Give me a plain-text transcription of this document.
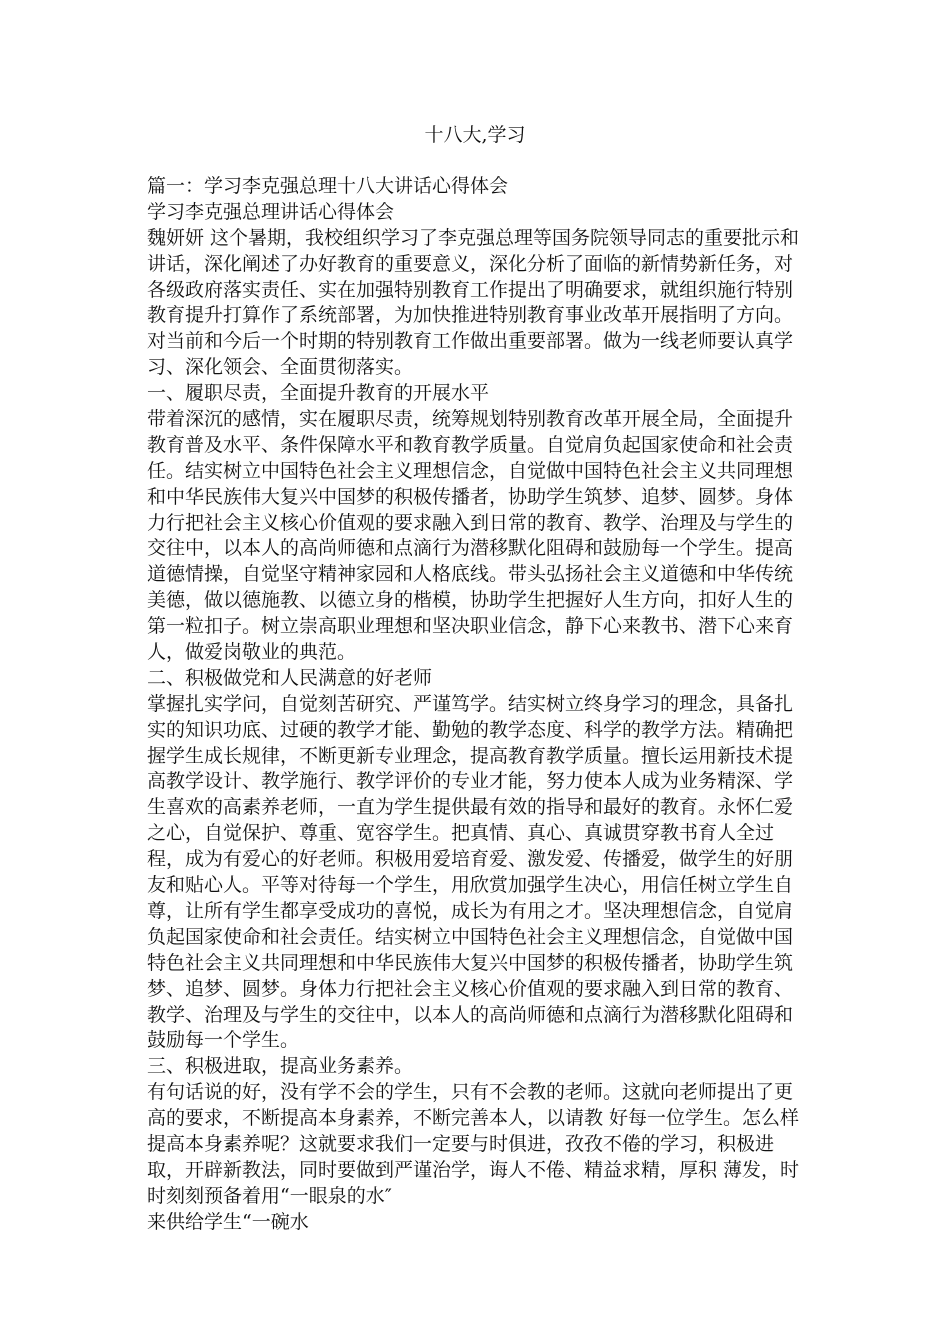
十八大,学习
篇一：学习李克强总理十八大讲话心得体会
学习李克强总理讲话心得体会
魏妍妍 这个暑期，我校组织学习了李克强总理等国务院领导同志的重要批示和
讲话，深化阐述了办好教育的重要意义，深化分析了面临的新情势新任务，对
各级政府落实责任、实在加强特别教育工作提出了明确要求，就组织施行特别
教育提升打算作了系统部署，为加快推进特别教育事业改革开展指明了方向。
对当前和今后一个时期的特别教育工作做出重要部署。做为一线老师要认真学
习、深化领会、全面贯彻落实。
一、履职尽责，全面提升教育的开展水平
带着深沉的感情，实在履职尽责，统筹规划特别教育改革开展全局，全面提升
教育普及水平、条件保障水平和教育教学质量。自觉肩负起国家使命和社会责
任。结实树立中国特色社会主义理想信念，自觉做中国特色社会主义共同理想
和中华民族伟大复兴中国梦的积极传播者，协助学生筑梦、追梦、圆梦。身体
力行把社会主义核心价值观的要求融入到日常的教育、教学、治理及与学生的
交往中，以本人的高尚师德和点滴行为潜移默化阻碍和鼓励每一个学生。提高
道德情操，自觉坚守精神家园和人格底线。带头弘扬社会主义道德和中华传统
美德，做以德施教、以德立身的楷模，协助学生把握好人生方向，扣好人生的
第一粒扣子。树立崇高职业理想和坚决职业信念，静下心来教书、潜下心来育
人，做爱岗敬业的典范。
二、积极做党和人民满意的好老师
掌握扎实学问，自觉刻苦研究、严谨笃学。结实树立终身学习的理念，具备扎
实的知识功底、过硬的教学才能、勤勉的教学态度、科学的教学方法。精确把
握学生成长规律，不断更新专业理念，提高教育教学质量。擅长运用新技术提
高教学设计、教学施行、教学评价的专业才能，努力使本人成为业务精深、学
生喜欢的高素养老师，一直为学生提供最有效的指导和最好的教育。永怀仁爱
之心，自觉保护、尊重、宽容学生。把真情、真心、真诚贯穿教书育人全过
程，成为有爱心的好老师。积极用爱培育爱、激发爱、传播爱，做学生的好朋
友和贴心人。平等对待每一个学生，用欣赏加强学生决心，用信任树立学生自
尊，让所有学生都享受成功的喜悦，成长为有用之才。坚决理想信念，自觉肩
负起国家使命和社会责任。结实树立中国特色社会主义理想信念，自觉做中国
特色社会主义共同理想和中华民族伟大复兴中国梦的积极传播者，协助学生筑
梦、追梦、圆梦。身体力行把社会主义核心价值观的要求融入到日常的教育、
教学、治理及与学生的交往中，以本人的高尚师德和点滴行为潜移默化阻碍和
鼓励每一个学生。
三、积极进取，提高业务素养。
有句话说的好，没有学不会的学生，只有不会教的老师。这就向老师提出了更
高的要求，不断提高本身素养，不断完善本人，以请教 好每一位学生。怎么样
提高本身素养呢？这就要求我们一定要与时俱进，孜孜不倦的学习，积极进
取，开辟新教法，同时要做到严谨治学，诲人不倦、精益求精，厚积 薄发，时
时刻刻预备着用“一眼泉的水″
来供给学生“一碗水
